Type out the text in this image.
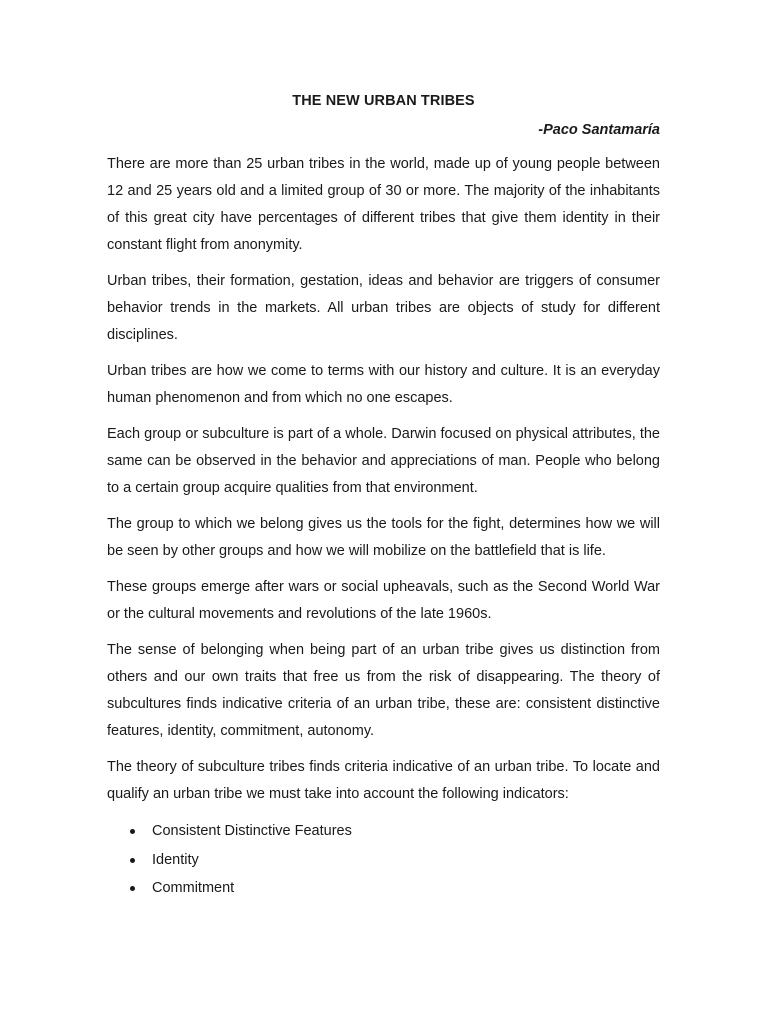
THE NEW URBAN TRIBES
-Paco Santamaría

There are more than 25 urban tribes in the world, made up of young people between 12 and 25 years old and a limited group of 30 or more. The majority of the inhabitants of this great city have percentages of different tribes that give them identity in their constant flight from anonymity.

Urban tribes, their formation, gestation, ideas and behavior are triggers of consumer behavior trends in the markets. All urban tribes are objects of study for different disciplines.

Urban tribes are how we come to terms with our history and culture. It is an everyday human phenomenon and from which no one escapes.

Each group or subculture is part of a whole. Darwin focused on physical attributes, the same can be observed in the behavior and appreciations of man. People who belong to a certain group acquire qualities from that environment.

The group to which we belong gives us the tools for the fight, determines how we will be seen by other groups and how we will mobilize on the battlefield that is life.

These groups emerge after wars or social upheavals, such as the Second World War or the cultural movements and revolutions of the late 1960s.

The sense of belonging when being part of an urban tribe gives us distinction from others and our own traits that free us from the risk of disappearing. The theory of subcultures finds indicative criteria of an urban tribe, these are: consistent distinctive features, identity, commitment, autonomy.

The theory of subculture tribes finds criteria indicative of an urban tribe. To locate and qualify an urban tribe we must take into account the following indicators:

Consistent Distinctive Features
Identity
Commitment
